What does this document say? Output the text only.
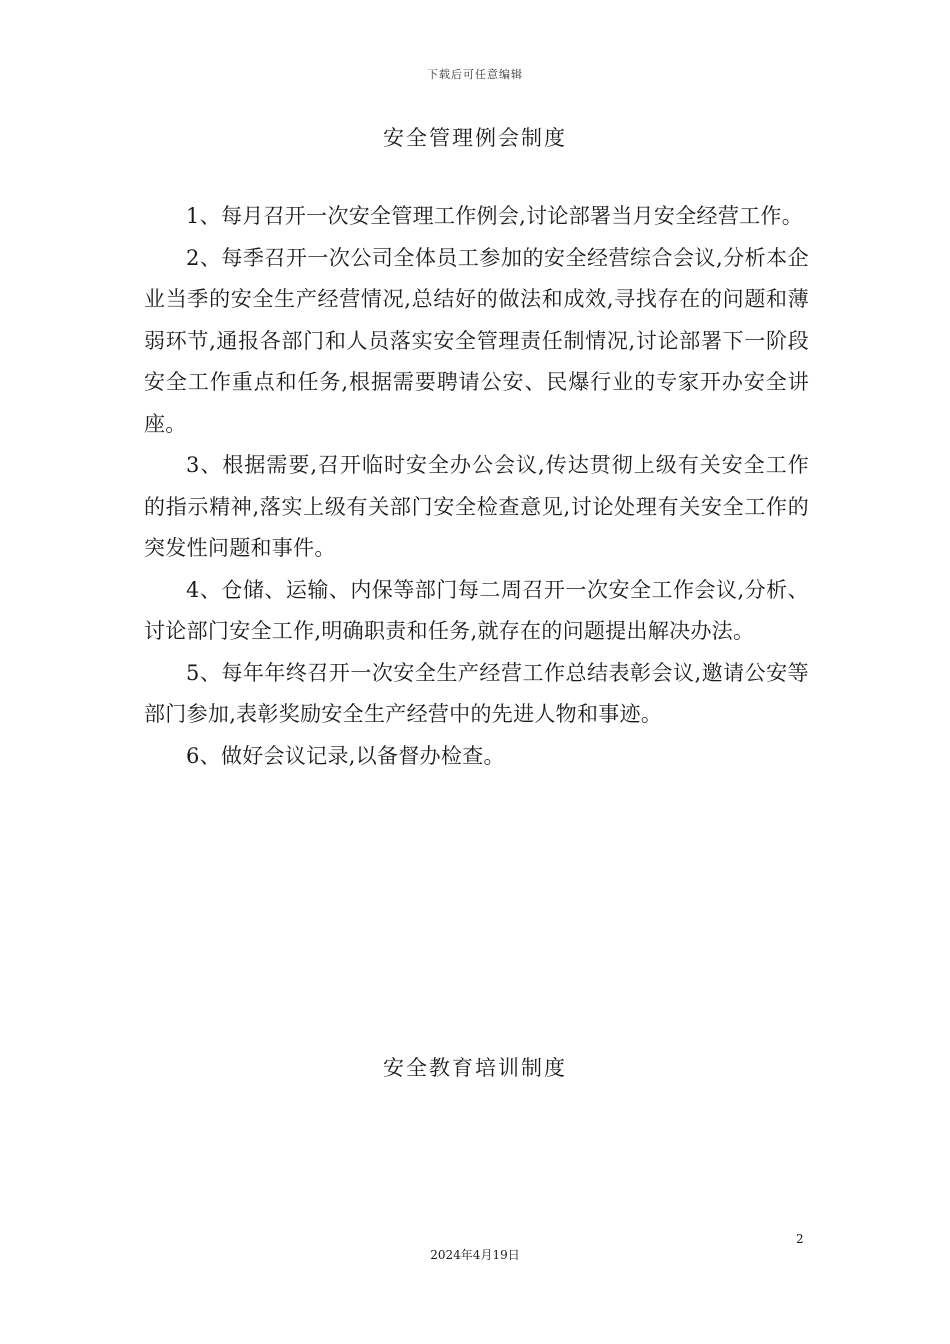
下载后可任意编辑
安全管理例会制度

1、每月召开一次安全管理工作例会,讨论部署当月安全经营工作。

2、每季召开一次公司全体员工参加的安全经营综合会议,分析本企业当季的安全生产经营情况,总结好的做法和成效,寻找存在的问题和薄弱环节,通报各部门和人员落实安全管理责任制情况,讨论部署下一阶段安全工作重点和任务,根据需要聘请公安、民爆行业的专家开办安全讲座。

3、根据需要,召开临时安全办公会议,传达贯彻上级有关安全工作的指示精神,落实上级有关部门安全检查意见,讨论处理有关安全工作的突发性问题和事件。

4、仓储、运输、内保等部门每二周召开一次安全工作会议,分析、讨论部门安全工作,明确职责和任务,就存在的问题提出解决办法。

5、每年年终召开一次安全生产经营工作总结表彰会议,邀请公安等部门参加,表彰奖励安全生产经营中的先进人物和事迹。

6、做好会议记录,以备督办检查。

安全教育培训制度
2
2024年4月19日
